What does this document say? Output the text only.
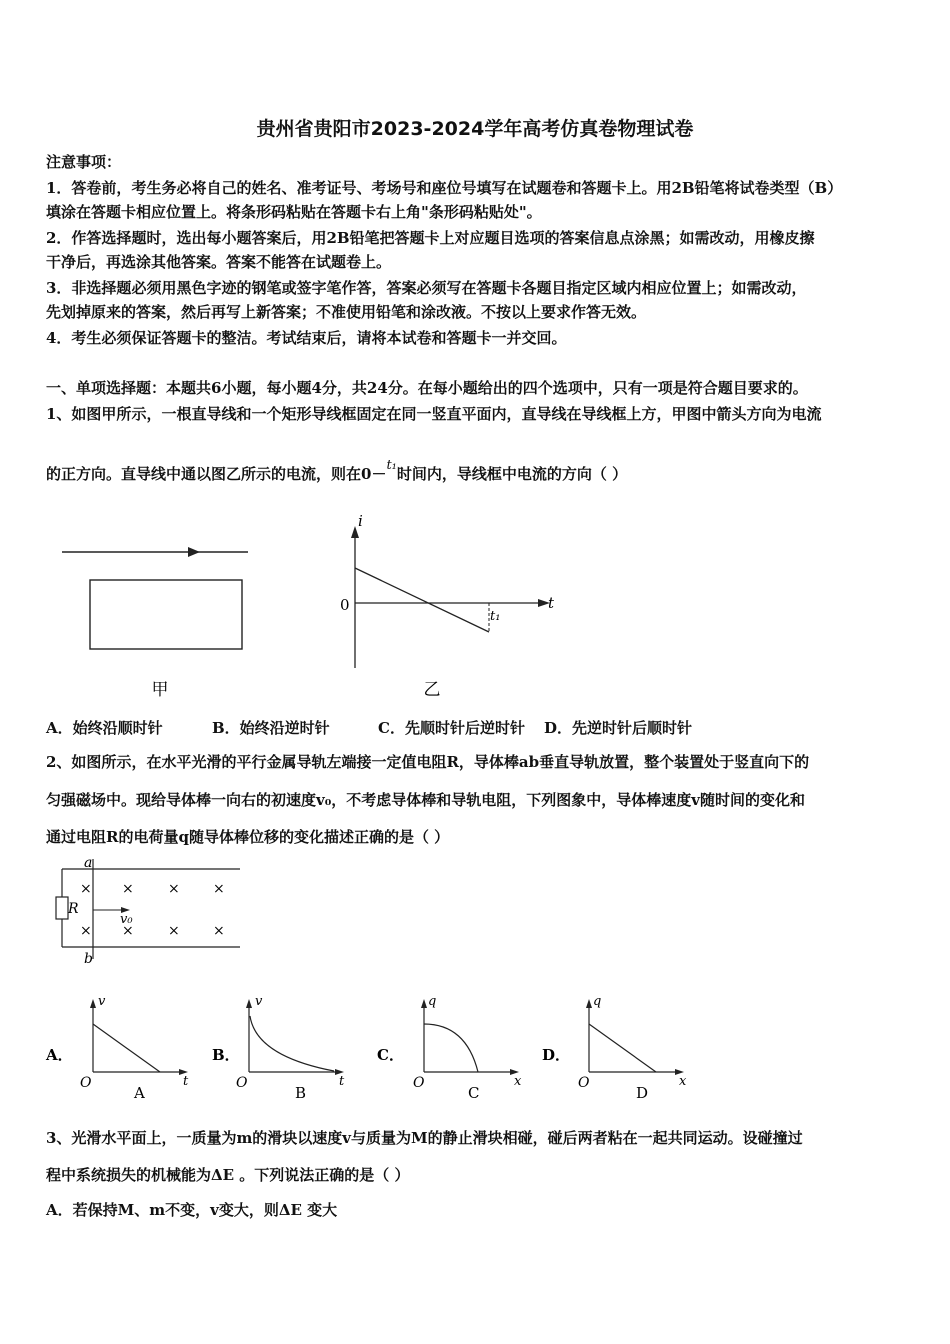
贵州省贵阳市2023-2024学年高考仿真卷物理试卷
注意事项：
1．答卷前，考生务必将自己的姓名、准考证号、考场号和座位号填写在试题卷和答题卡上。用2B铅笔将试卷类型（B）
填涂在答题卡相应位置上。将条形码粘贴在答题卡右上角"条形码粘贴处"。
2．作答选择题时，选出每小题答案后，用2B铅笔把答题卡上对应题目选项的答案信息点涂黑；如需改动，用橡皮擦
干净后，再选涂其他答案。答案不能答在试题卷上。
3．非选择题必须用黑色字迹的钢笔或签字笔作答，答案必须写在答题卡各题目指定区域内相应位置上；如需改动，
先划掉原来的答案，然后再写上新答案；不准使用铅笔和涂改液。不按以上要求作答无效。
4．考生必须保证答题卡的整洁。考试结束后，请将本试卷和答题卡一并交回。
一、单项选择题：本题共6小题，每小题4分，共24分。在每小题给出的四个选项中，只有一项是符合题目要求的。
1、如图甲所示，一根直导线和一个矩形导线框固定在同一竖直平面内，直导线在导线框上方，甲图中箭头方向为电流
的正方向。直导线中通以图乙所示的电流，则在0－t₁时间内，导线框中电流的方向（ ）
甲
i
t
0
t₁
乙
A．始终沿顺时针	B．始终沿逆时针	C．先顺时针后逆时针 D．先逆时针后顺时针
2、如图所示，在水平光滑的平行金属导轨左端接一定值电阻R，导体棒ab垂直导轨放置，整个装置处于竖直向下的
匀强磁场中。现给导体棒一向右的初速度v₀，不考虑导体棒和导轨电阻，下列图象中，导体棒速度v随时间的变化和
通过电阻R的电荷量q随导体棒位移的变化描述正确的是（ ）
R
a
b
v₀
× × × ×
× × × ×
A．
v
t
O
A
B．
v
t
O
B
C．
q
x
O
C
D．
q
x
O
D
3、光滑水平面上，一质量为m的滑块以速度v与质量为M的静止滑块相碰，碰后两者粘在一起共同运动。设碰撞过
程中系统损失的机械能为ΔE 。下列说法正确的是（ ）
A．若保持M、m不变，v变大，则ΔE 变大
